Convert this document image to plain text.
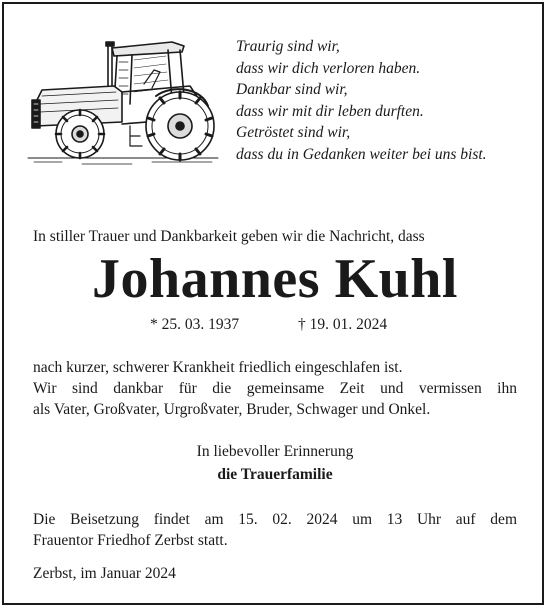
Traurig sind wir,
dass wir dich verloren haben.
Dankbar sind wir,
dass wir mit dir leben durften.
Getröstet sind wir,
dass du in Gedanken weiter bei uns bist.
In stiller Trauer und Dankbarkeit geben wir die Nachricht, dass
Johannes Kuhl
* 25. 03. 1937	† 19. 01. 2024
nach kurzer, schwerer Krankheit friedlich eingeschlafen ist.
Wir sind dankbar für die gemeinsame Zeit und vermissen ihn
als Vater, Großvater, Urgroßvater, Bruder, Schwager und Onkel.
In liebevoller Erinnerung
die Trauerfamilie
Die Beisetzung findet am 15. 02. 2024 um 13 Uhr auf dem
Frauentor Friedhof Zerbst statt.
Zerbst, im Januar 2024
